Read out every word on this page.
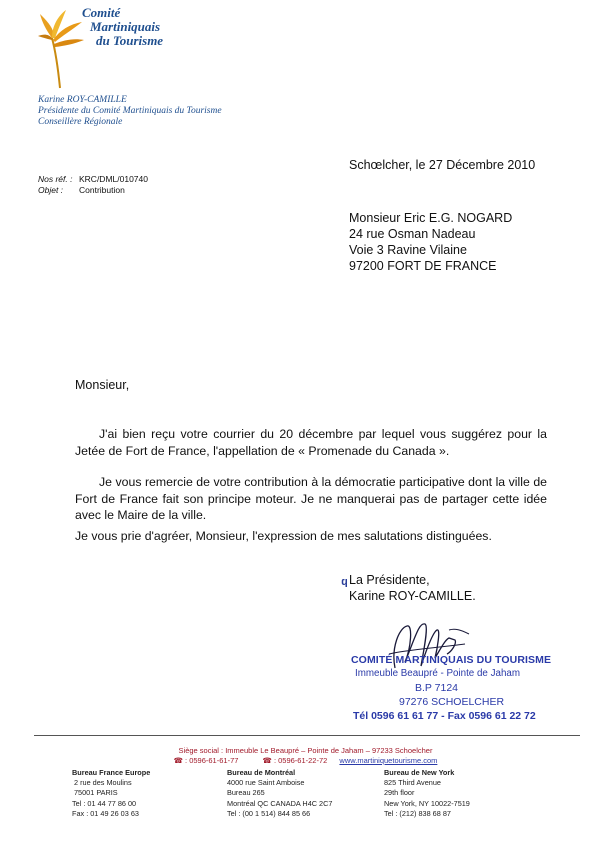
Comité
Martiniquais
du Tourisme
Karine ROY-CAMILLE
Présidente du Comité Martiniquais du Tourisme
Conseillère Régionale
Schœlcher, le 27 Décembre 2010
Nos réf. : KRC/DML/010740
Objet : Contribution
Monsieur Eric E.G. NOGARD
24 rue Osman Nadeau
Voie 3 Ravine Vilaine
97200 FORT DE FRANCE
Monsieur,
J'ai bien reçu votre courrier du 20 décembre par lequel vous suggérez pour la Jetée de Fort de France, l'appellation de « Promenade du Canada ».
Je vous remercie de votre contribution à la démocratie participative dont la ville de Fort de France fait son principe moteur. Je ne manquerai pas de partager cette idée avec le Maire de la ville.
Je vous prie d'agréer, Monsieur, l'expression de mes salutations distinguées.
ϥ La Présidente,
Karine ROY-CAMILLE.
COMITÉ MARTINIQUAIS DU TOURISME
Immeuble Beaupré - Pointe de Jaham
B.P 7124
97276 SCHOELCHER
Tél 0596 61 61 77 - Fax 0596 61 22 72
Siège social : Immeuble Le Beaupré – Pointe de Jaham – 97233 Schoelcher
☎ : 0596-61-61-77	☎ : 0596-61-22-72 www.martiniquetourisme.com
Bureau France Europe
2 rue des Moulins
75001 PARIS
Tel : 01 44 77 86 00
Fax : 01 49 26 03 63
Bureau de Montréal
4000 rue Saint Amboise
Bureau 265
Montréal QC CANADA H4C 2C7
Tel : (00 1 514) 844 85 66
Bureau de New York
825 Third Avenue
29th floor
New York, NY 10022-7519
Tel : (212) 838 68 87
